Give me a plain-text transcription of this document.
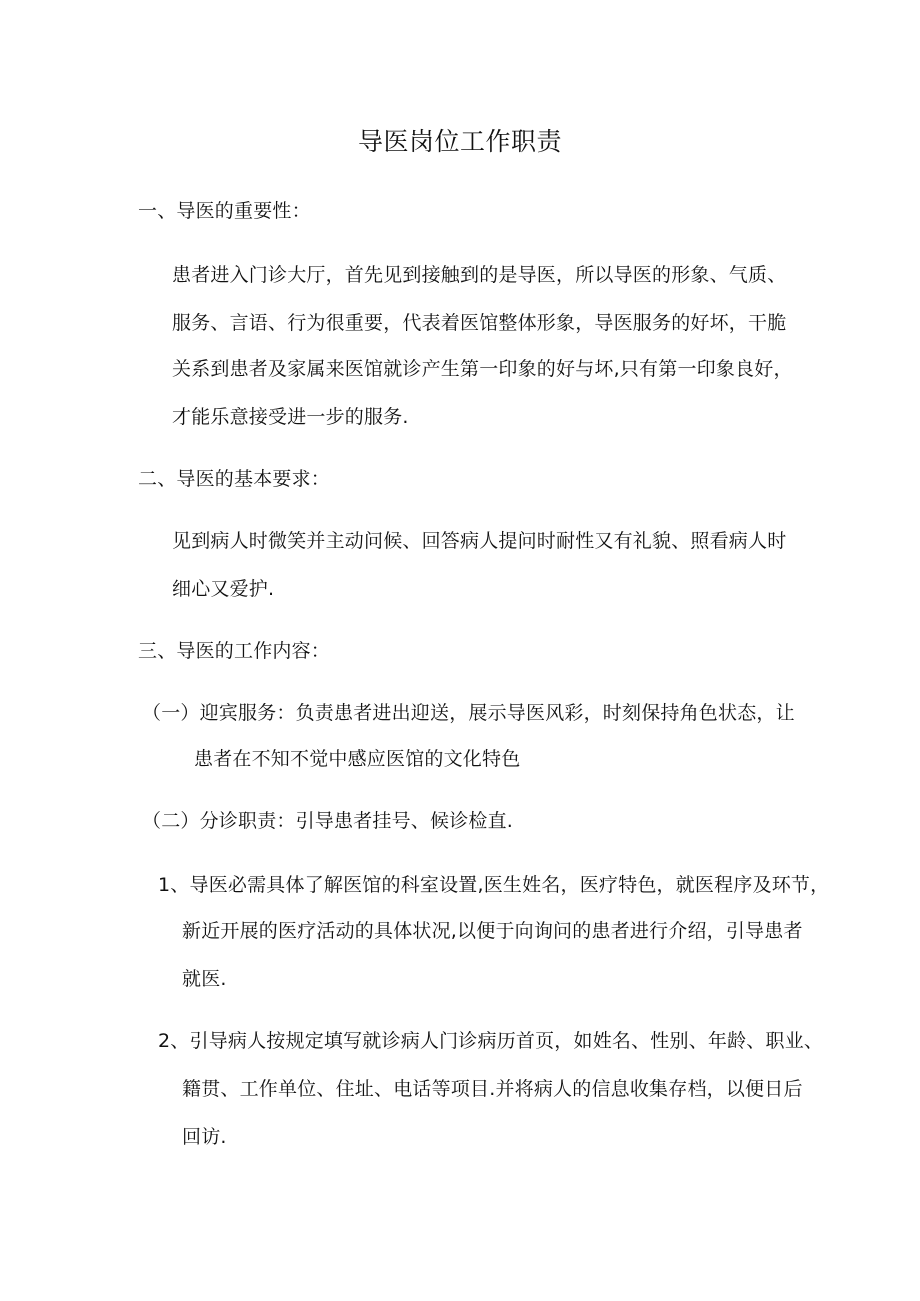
导医岗位工作职责
一、导医的重要性：
患者进入门诊大厅，首先见到接触到的是导医，所以导医的形象、气质、
服务、言语、行为很重要，代表着医馆整体形象，导医服务的好坏，干脆
关系到患者及家属来医馆就诊产生第一印象的好与坏,只有第一印象良好，
才能乐意接受进一步的服务.
二、导医的基本要求：
见到病人时微笑并主动问候、回答病人提问时耐性又有礼貌、照看病人时
细心又爱护.
三、导医的工作内容：
（一）迎宾服务：负责患者进出迎送，展示导医风彩，时刻保持角色状态，让
患者在不知不觉中感应医馆的文化特色
（二）分诊职责：引导患者挂号、候诊检直.
1、导医必需具体了解医馆的科室设置,医生姓名，医疗特色，就医程序及环节，
新近开展的医疗活动的具体状况,以便于向询问的患者进行介绍，引导患者
就医.
2、引导病人按规定填写就诊病人门诊病历首页，如姓名、性别、年龄、职业、
籍贯、工作单位、住址、电话等项目.并将病人的信息收集存档，以便日后
回访.
